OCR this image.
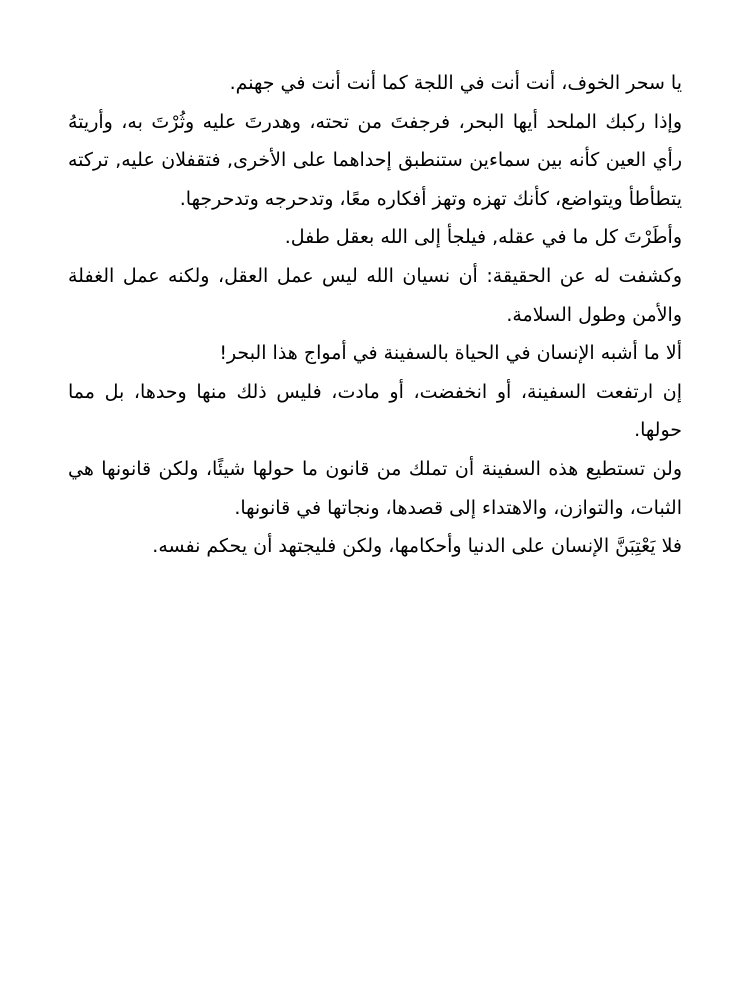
يا سحر الخوف، أنت أنت في اللجة كما أنت أنت في جهنم.

وإذا ركبك الملحد أيها البحر، فرجفتَ من تحته، وهدرتَ عليه وثُرْتَ به، وأريتهُ رأي العين كأنه بين سماءين ستنطبق إحداهما على الأخرى, فتقفلان عليه, تركته يتطأطأ ويتواضع، كأنك تهزه وتهز أفكاره معًا، وتدحرجه وتدحرجها.

وأطَرْتَ كل ما في عقله, فيلجأ إلى الله بعقل طفل.

وكشفت له عن الحقيقة: أن نسيان الله ليس عمل العقل، ولكنه عمل الغفلة والأمن وطول السلامة.

ألا ما أشبه الإنسان في الحياة بالسفينة في أمواج هذا البحر!

إن ارتفعت السفينة، أو انخفضت، أو مادت، فليس ذلك منها وحدها، بل مما حولها.

ولن تستطيع هذه السفينة أن تملك من قانون ما حولها شيئًا، ولكن قانونها هي الثبات، والتوازن، والاهتداء إلى قصدها، ونجاتها في قانونها.

فلا يَعْتِبَنَّ الإنسان على الدنيا وأحكامها، ولكن فليجتهد أن يحكم نفسه.
